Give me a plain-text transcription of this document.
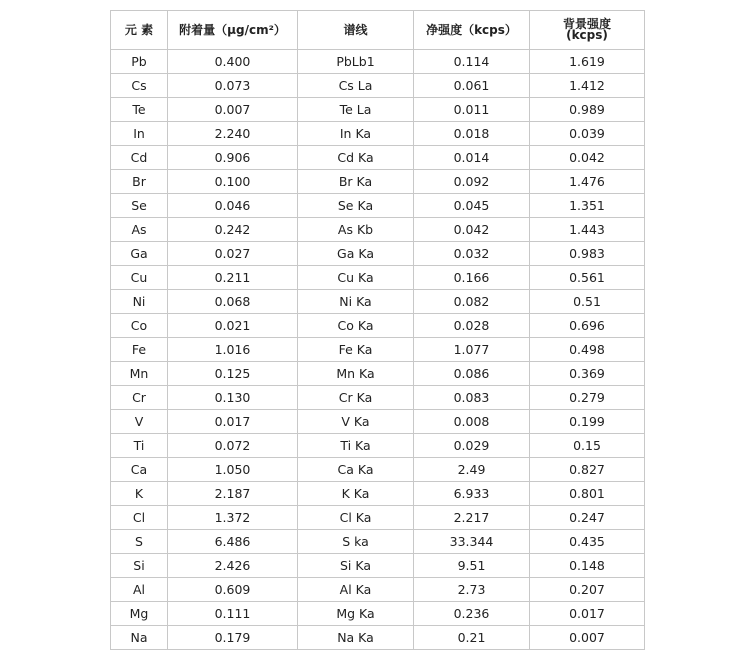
元 素	附着量（μg/cm²）	谱线	净强度（kcps）	背景强度
(kcps)

Pb	0.400	PbLb1	0.114	1.619
Cs	0.073	Cs La	0.061	1.412
Te	0.007	Te La	0.011	0.989
In	2.240	In Ka	0.018	0.039
Cd	0.906	Cd Ka	0.014	0.042
Br	0.100	Br Ka	0.092	1.476
Se	0.046	Se Ka	0.045	1.351
As	0.242	As Kb	0.042	1.443
Ga	0.027	Ga Ka	0.032	0.983
Cu	0.211	Cu Ka	0.166	0.561
Ni	0.068	Ni Ka	0.082	0.51
Co	0.021	Co Ka	0.028	0.696
Fe	1.016	Fe Ka	1.077	0.498
Mn	0.125	Mn Ka	0.086	0.369
Cr	0.130	Cr Ka	0.083	0.279
V	0.017	V Ka	0.008	0.199
Ti	0.072	Ti Ka	0.029	0.15
Ca	1.050	Ca Ka	2.49	0.827
K	2.187	K Ka	6.933	0.801
Cl	1.372	Cl Ka	2.217	0.247
S	6.486	S ka	33.344	0.435
Si	2.426	Si Ka	9.51	0.148
Al	0.609	Al Ka	2.73	0.207
Mg	0.111	Mg Ka	0.236	0.017
Na	0.179	Na Ka	0.21	0.007
